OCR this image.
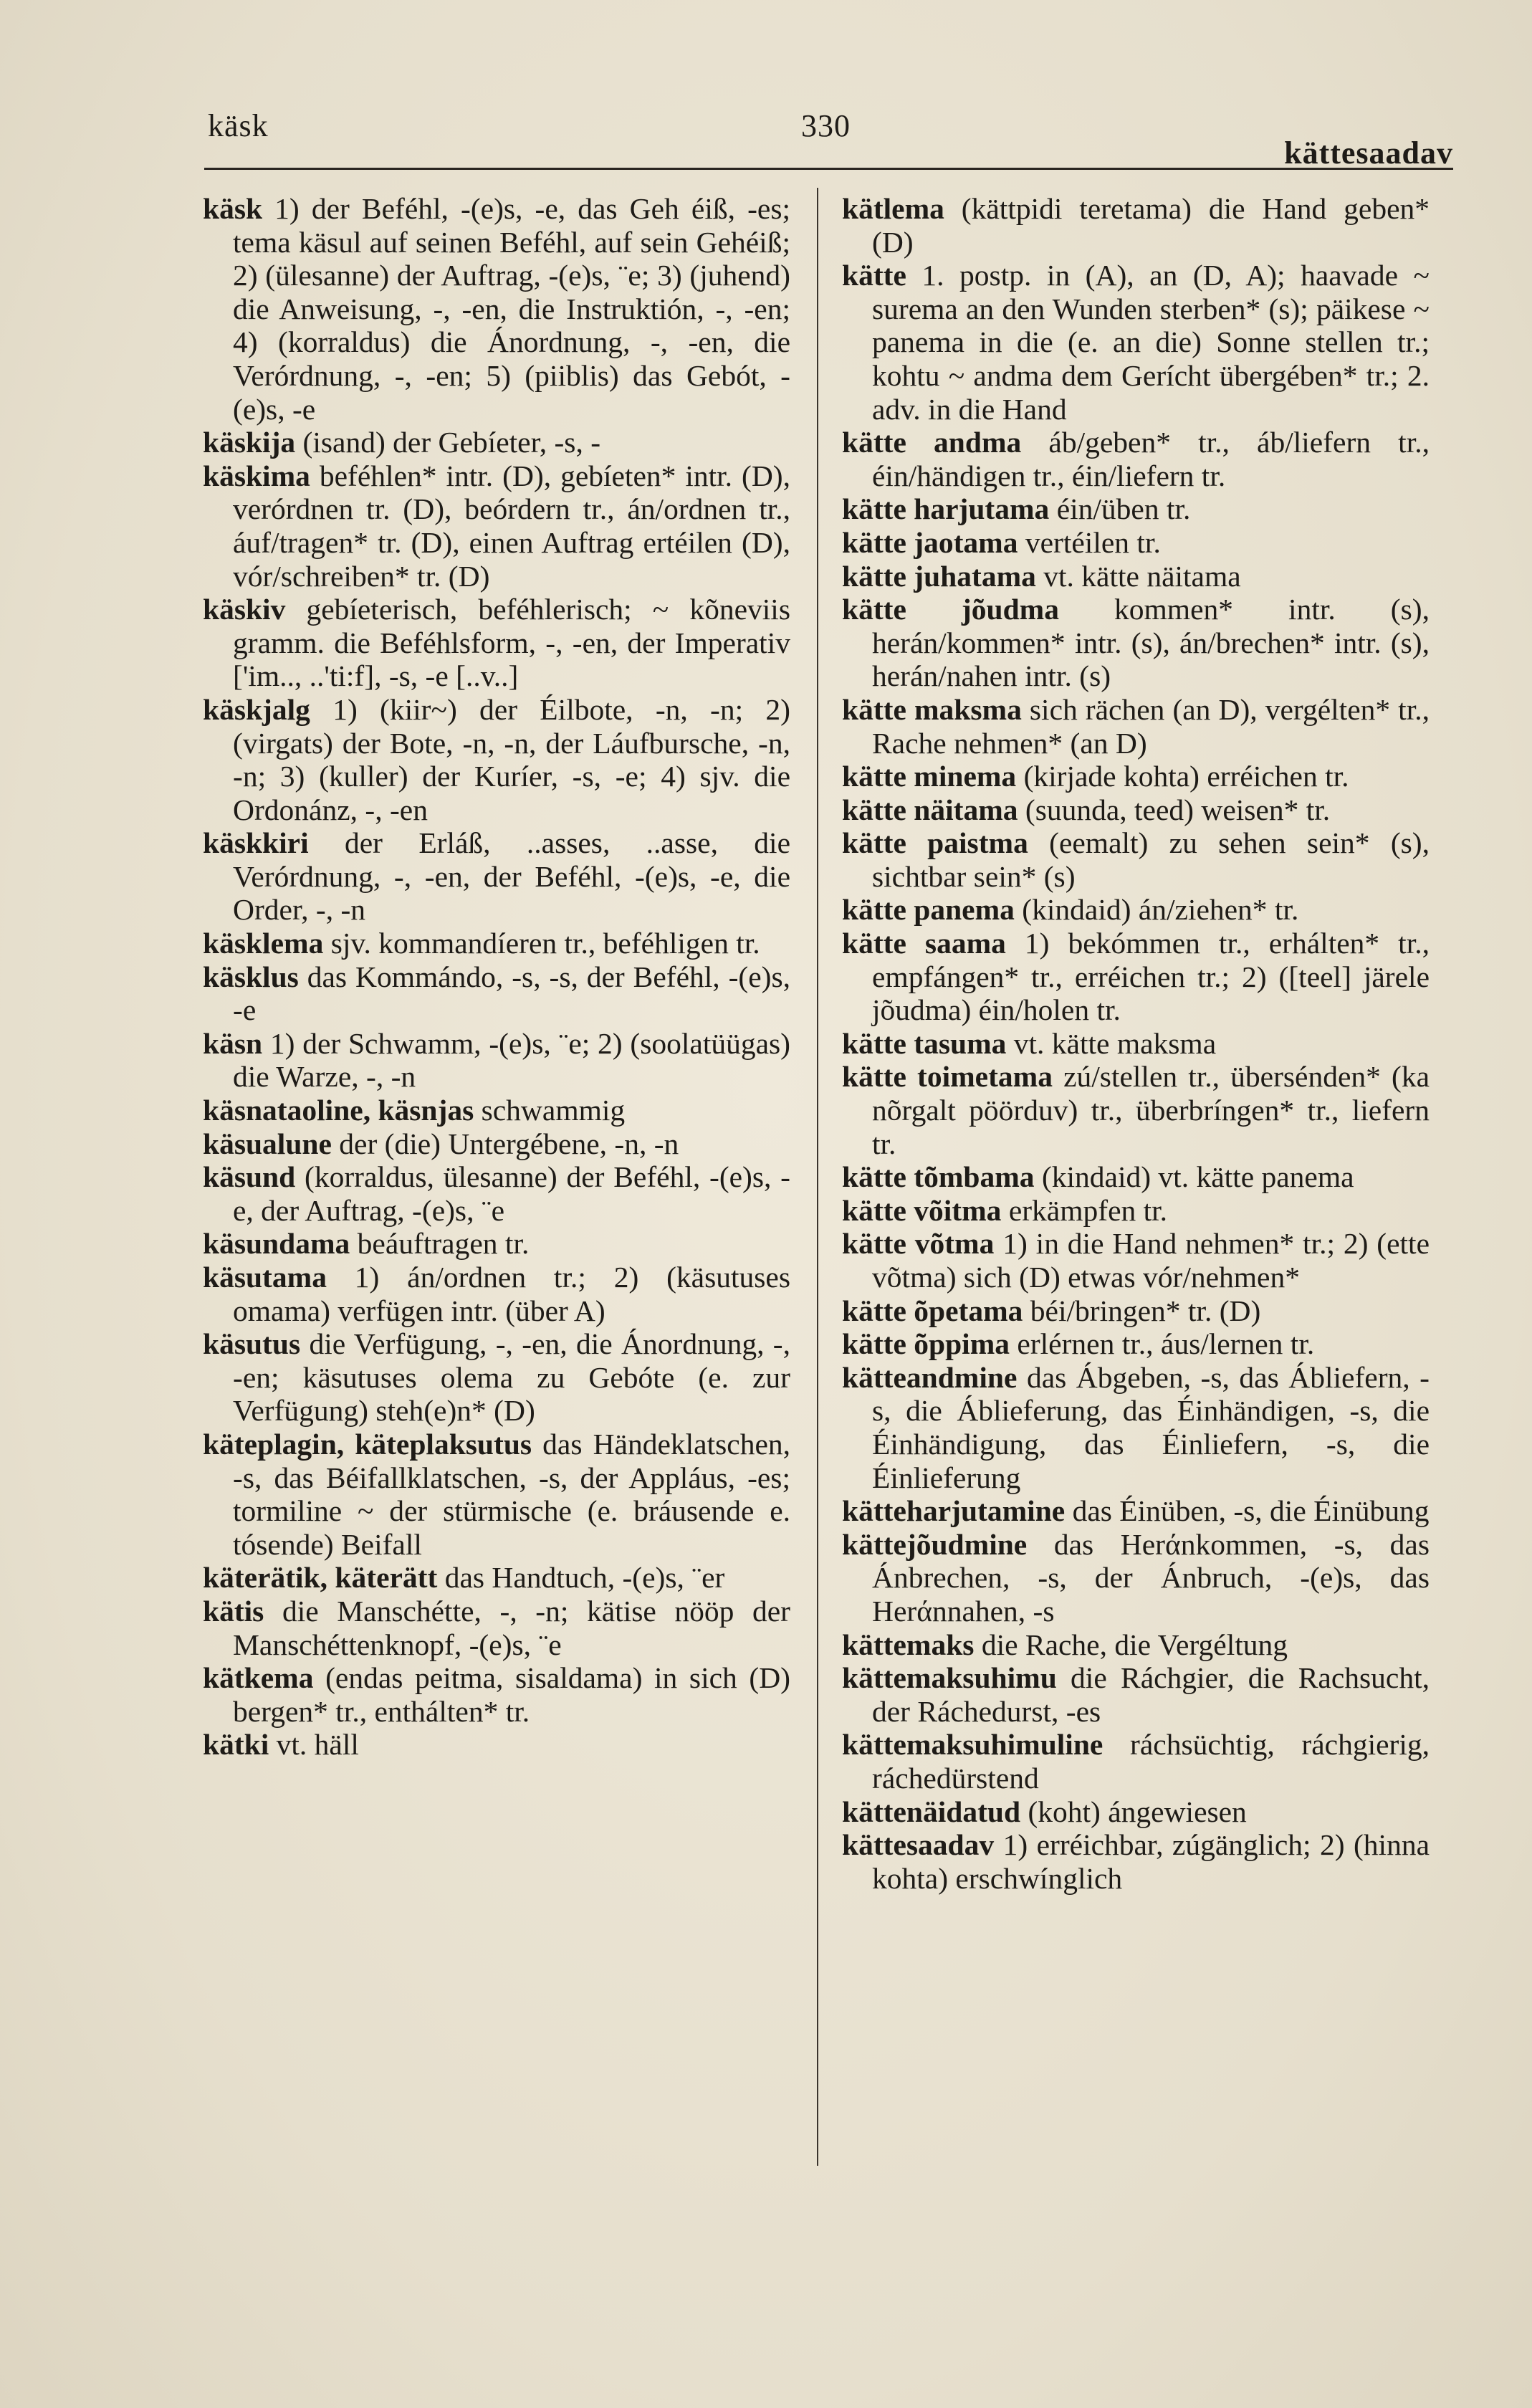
käsk	330
kättesaadav

käsk 1) der Beféhl, -(e)s, -e, das Geh éiß, -es; tema käsul auf seinen Beféhl, auf sein Gehéiß; 2) (ülesanne) der Auftrag, -(e)s, ¨e; 3) (juhend) die Anweisung, -, -en, die Instruktión, -, -en; 4) (korraldus) die Ánordnung, -, -en, die Verórdnung, -, -en; 5) (piiblis) das Gebót, -(e)s, -e

käskija (isand) der Gebíeter, -s, -

käskima beféhlen* intr. (D), gebíeten* intr. (D), verórdnen tr. (D), beórdern tr., án/ordnen tr., áuf/tragen* tr. (D), einen Auftrag ertéilen (D), vór/schreiben* tr. (D)

käskiv gebíeterisch, beféhlerisch; ~ kõneviis gramm. die Beféhlsform, -, -en, der Imperativ ['im.., ..'ti:f], -s, -e [..v..]

käskjalg 1) (kiir~) der Éilbote, -n, -n; 2) (virgats) der Bote, -n, -n, der Láufbursche, -n, -n; 3) (kuller) der Kuríer, -s, -e; 4) sjv. die Ordonánz, -, -en

käskkiri der Erláß, ..asses, ..asse, die Verórdnung, -, -en, der Beféhl, -(e)s, -e, die Order, -, -n

käsklema sjv. kommandíeren tr., beféhligen tr.

käsklus das Kommándo, -s, -s, der Beféhl, -(e)s, -e

käsn 1) der Schwamm, -(e)s, ¨e; 2) (soolatüügas) die Warze, -, -n

käsnataoline, käsnjas schwammig

käsualune der (die) Untergébene, -n, -n

käsund (korraldus, ülesanne) der Beféhl, -(e)s, -e, der Auftrag, -(e)s, ¨e

käsundama beáuftragen tr.

käsutama 1) án/ordnen tr.; 2) (käsutuses omama) verfügen intr. (über A)

käsutus die Verfügung, -, -en, die Ánordnung, -, -en; käsutuses olema zu Gebóte (e. zur Verfügung) steh(e)n* (D)

käteplagin, käteplaksutus das Händeklatschen, -s, das Béifallklatschen, -s, der Appláus, -es; tormiline ~ der stürmische (e. bráusende e. tósende) Beifall

käterätik, käterätt das Handtuch, -(e)s, ¨er

kätis die Manschétte, -, -n; kätise nööp der Manschéttenknopf, -(e)s, ¨e

kätkema (endas peitma, sisaldama) in sich (D) bergen* tr., enthálten* tr.

kätki vt. häll

kätlema (kättpidi teretama) die Hand geben* (D)

kätte 1. postp. in (A), an (D, A); haavade ~ surema an den Wunden sterben* (s); päikese ~ panema in die (e. an die) Sonne stellen tr.; kohtu ~ andma dem Gerícht übergében* tr.; 2. adv. in die Hand

kätte andma áb/geben* tr., áb/liefern tr., éin/händigen tr., éin/liefern tr.

kätte harjutama éin/üben tr.

kätte jaotama vertéilen tr.

kätte juhatama vt. kätte näitama

kätte jõudma kommen* intr. (s), herán/kommen* intr. (s), án/brechen* intr. (s), herán/nahen intr. (s)

kätte maksma sich rächen (an D), vergélten* tr., Rache nehmen* (an D)

kätte minema (kirjade kohta) erréichen tr.

kätte näitama (suunda, teed) weisen* tr.

kätte paistma (eemalt) zu sehen sein* (s), sichtbar sein* (s)

kätte panema (kindaid) án/ziehen* tr.

kätte saama 1) bekómmen tr., erhálten* tr., empfángen* tr., erréichen tr.; 2) ([teel] järele jõudma) éin/holen tr.

kätte tasuma vt. kätte maksma

kätte toimetama zú/stellen tr., übersénden* (ka nõrgalt pöörduv) tr., überbríngen* tr., liefern tr.

kätte tõmbama (kindaid) vt. kätte panema

kätte võitma erkämpfen tr.

kätte võtma 1) in die Hand nehmen* tr.; 2) (ette võtma) sich (D) etwas vór/nehmen*

kätte õpetama béi/bringen* tr. (D)

kätte õppima erlérnen tr., áus/lernen tr.

kätteandmine das Ábgeben, -s, das Ábliefern, -s, die Áblieferung, das Éinhändigen, -s, die Éinhändigung, das Éinliefern, -s, die Éinlieferung

kätteharjutamine das Éinüben, -s, die Éinübung

kättejõudmine das Herάnkommen, -s, das Ánbrechen, -s, der Ánbruch, -(e)s, das Herάnnahen, -s

kättemaks die Rache, die Vergéltung

kättemaksuhimu die Ráchgier, die Rachsucht, der Ráchedurst, -es

kättemaksuhimuline ráchsüchtig, ráchgierig, ráchedürstend

kättenäidatud (koht) ángewiesen

kättesaadav 1) erréichbar, zúgänglich; 2) (hinna kohta) erschwínglich
